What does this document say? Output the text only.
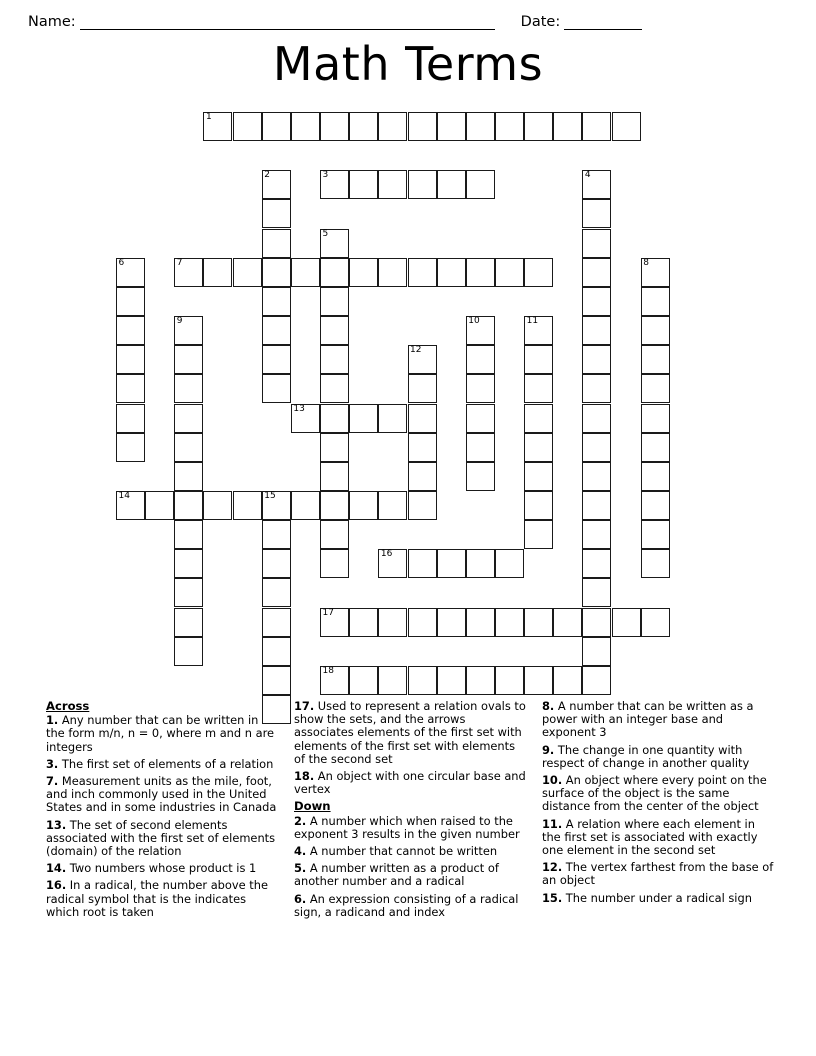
Name:	Date:
Math Terms
1
2	3	4
5
6	7	8
9	10	11
12
13
14	15
16
17
18
Across
1. Any number that can be written in the form m/n, n = 0, where m and n are integers
3. The first set of elements of a relation
7. Measurement units as the mile, foot, and inch commonly used in the United States and in some industries in Canada
13. The set of second elements associated with the first set of elements (domain) of the relation
14. Two numbers whose product is 1
16. In a radical, the number above the radical symbol that is the indicates which root is taken
17. Used to represent a relation ovals to show the sets, and the arrows associates elements of the first set with elements of the first set with elements of the second set
18. An object with one circular base and vertex
Down
2. A number which when raised to the exponent 3 results in the given number
4. A number that cannot be written
5. A number written as a product of another number and a radical
6. An expression consisting of a radical sign, a radicand and index
8. A number that can be written as a power with an integer base and exponent 3
9. The change in one quantity with respect of change in another quality
10. An object where every point on the surface of the object is the same distance from the center of the object
11. A relation where each element in the first set is associated with exactly one element in the second set
12. The vertex farthest from the base of an object
15. The number under a radical sign
